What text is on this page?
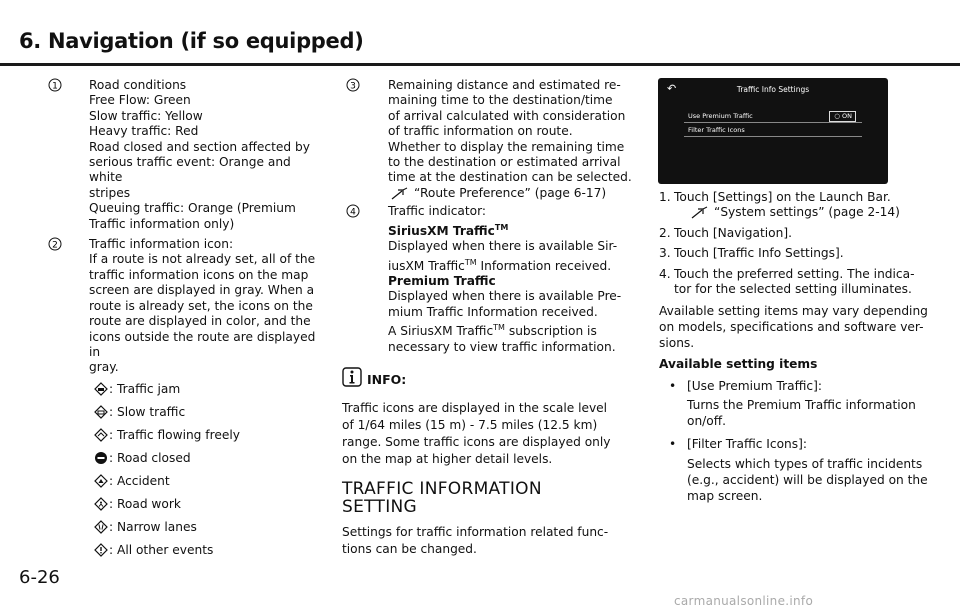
6. Navigation (if so equipped)
1	Road conditions
Free Flow: Green
Slow traffic: Yellow
Heavy traffic: Red
Road closed and section affected by
serious traffic event: Orange and white
stripes
Queuing traffic: Orange (Premium
Traffic information only)
2	Traffic information icon:
If a route is not already set, all of the
traffic information icons on the map
screen are displayed in gray. When a
route is already set, the icons on the
route are displayed in color, and the
icons outside the route are displayed in
gray.
: Traffic jam
: Slow traffic
: Traffic flowing freely
: Road closed
: Accident
: Road work
: Narrow lanes
: All other events
3	Remaining distance and estimated re-
maining time to the destination/time
of arrival calculated with consideration
of traffic information on route.
Whether to display the remaining time
to the destination or estimated arrival
time at the destination can be selected.
“Route Preference” (page 6-17)
4	Traffic indicator:
SiriusXM Traffic™
Displayed when there is available Sir-
iusXM Traffic™ Information received.
Premium Traffic
Displayed when there is available Pre-
mium Traffic Information received.
A SiriusXM Traffic™ subscription is
necessary to view traffic information.
INFO:
Traffic icons are displayed in the scale level
of 1/64 miles (15 m) - 7.5 miles (12.5 km)
range. Some traffic icons are displayed only
on the map at higher detail levels.
TRAFFIC INFORMATION
SETTING
Settings for traffic information related func-
tions can be changed.
↶	Traffic Info Settings
Use Premium Traffic	○ ON
Filter Traffic Icons
1. Touch [Settings] on the Launch Bar.
“System settings” (page 2-14)
2. Touch [Navigation].
3. Touch [Traffic Info Settings].
4. Touch the preferred setting. The indica-
tor for the selected setting illuminates.
Available setting items may vary depending
on models, specifications and software ver-
sions.
Available setting items
• [Use Premium Traffic]:
Turns the Premium Traffic information
on/off.
• [Filter Traffic Icons]:
Selects which types of traffic incidents
(e.g., accident) will be displayed on the
map screen.
6-26
carmanualsonline.info
